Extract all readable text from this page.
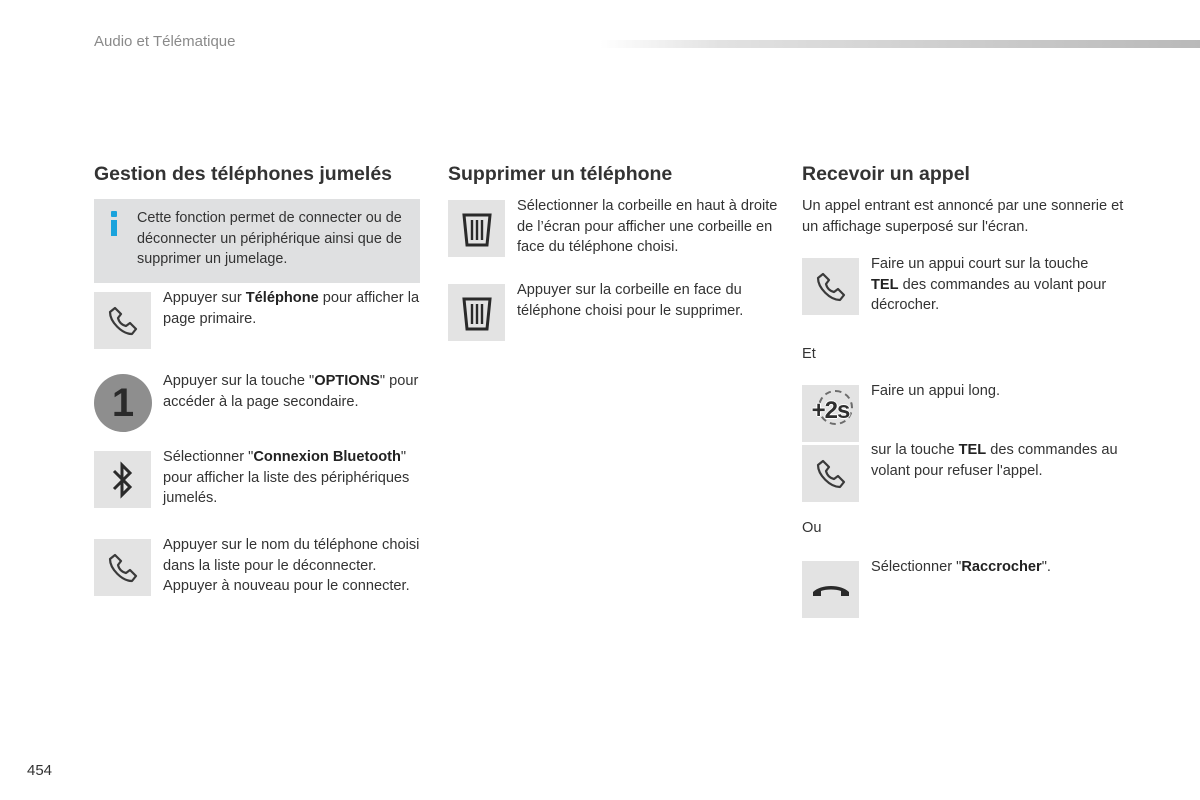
Audio et Télématique
Gestion des téléphones jumelés
Cette fonction permet de connecter ou de déconnecter un périphérique ainsi que de supprimer un jumelage.
Appuyer sur Téléphone pour afficher la page primaire.
1 Appuyer sur la touche "OPTIONS" pour accéder à la page secondaire.
Sélectionner "Connexion Bluetooth" pour afficher la liste des périphériques jumelés.
Appuyer sur le nom du téléphone choisi dans la liste pour le déconnecter.
Appuyer à nouveau pour le connecter.
Supprimer un téléphone
Sélectionner la corbeille en haut à droite de l’écran pour afficher une corbeille en face du téléphone choisi.
Appuyer sur la corbeille en face du téléphone choisi pour le supprimer.
Recevoir un appel
Un appel entrant est annoncé par une sonnerie et un affichage superposé sur l'écran.
Faire un appui court sur la touche TEL des commandes au volant pour décrocher.
Et
+2s
Faire un appui long.
sur la touche TEL des commandes au volant pour refuser l'appel.
Ou
Sélectionner "Raccrocher".
454
